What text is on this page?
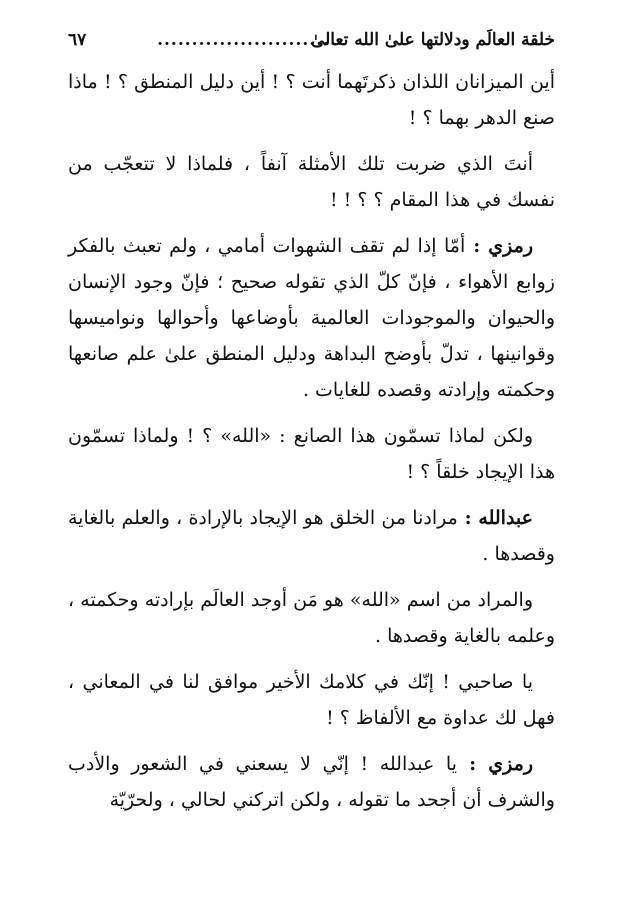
خلقة العالَم ودلالتها علىٰ الله تعالىٰ
...........................
٦٧

أين الميزانان اللذان ذكرتَهما أنت ؟ ! أين دليل المنطق ؟ ! ماذا صنع الدهر بهما ؟ !

أنتَ الذي ضربت تلك الأمثلة آنفاً ، فلماذا لا تتعجّب من نفسك في هذا المقام ؟ ؟ ! !

رمزي : أمّا إذا لم تقف الشهوات أمامي ، ولم تعبث بالفكر زوابع الأهواء ، فإنّ كلّ الذي تقوله صحيح ؛ فإنّ وجود الإنسان والحيوان والموجودات العالمية بأوضاعها وأحوالها ونواميسها وقوانينها ، تدلّ بأوضح البداهة ودليل المنطق علىٰ علم صانعها وحكمته وإرادته وقصده للغايات .

ولكن لماذا تسمّون هذا الصانع : «الله» ؟ ! ولماذا تسمّون هذا الإيجاد خلقاً ؟ !

عبدالله : مرادنا من الخلق هو الإيجاد بالإرادة ، والعلم بالغاية وقصدها .

والمراد من اسم «الله» هو مَن أوجد العالَم بإرادته وحكمته ، وعلمه بالغاية وقصدها .

يا صاحبي ! إنّك في كلامك الأخير موافق لنا في المعاني ، فهل لك عداوة مع الألفاظ ؟ !

رمزي : يا عبدالله ! إنّي لا يسعني في الشعور والأدب والشرف أن أجحد ما تقوله ، ولكن اتركني لحالي ، ولحرّيّة
